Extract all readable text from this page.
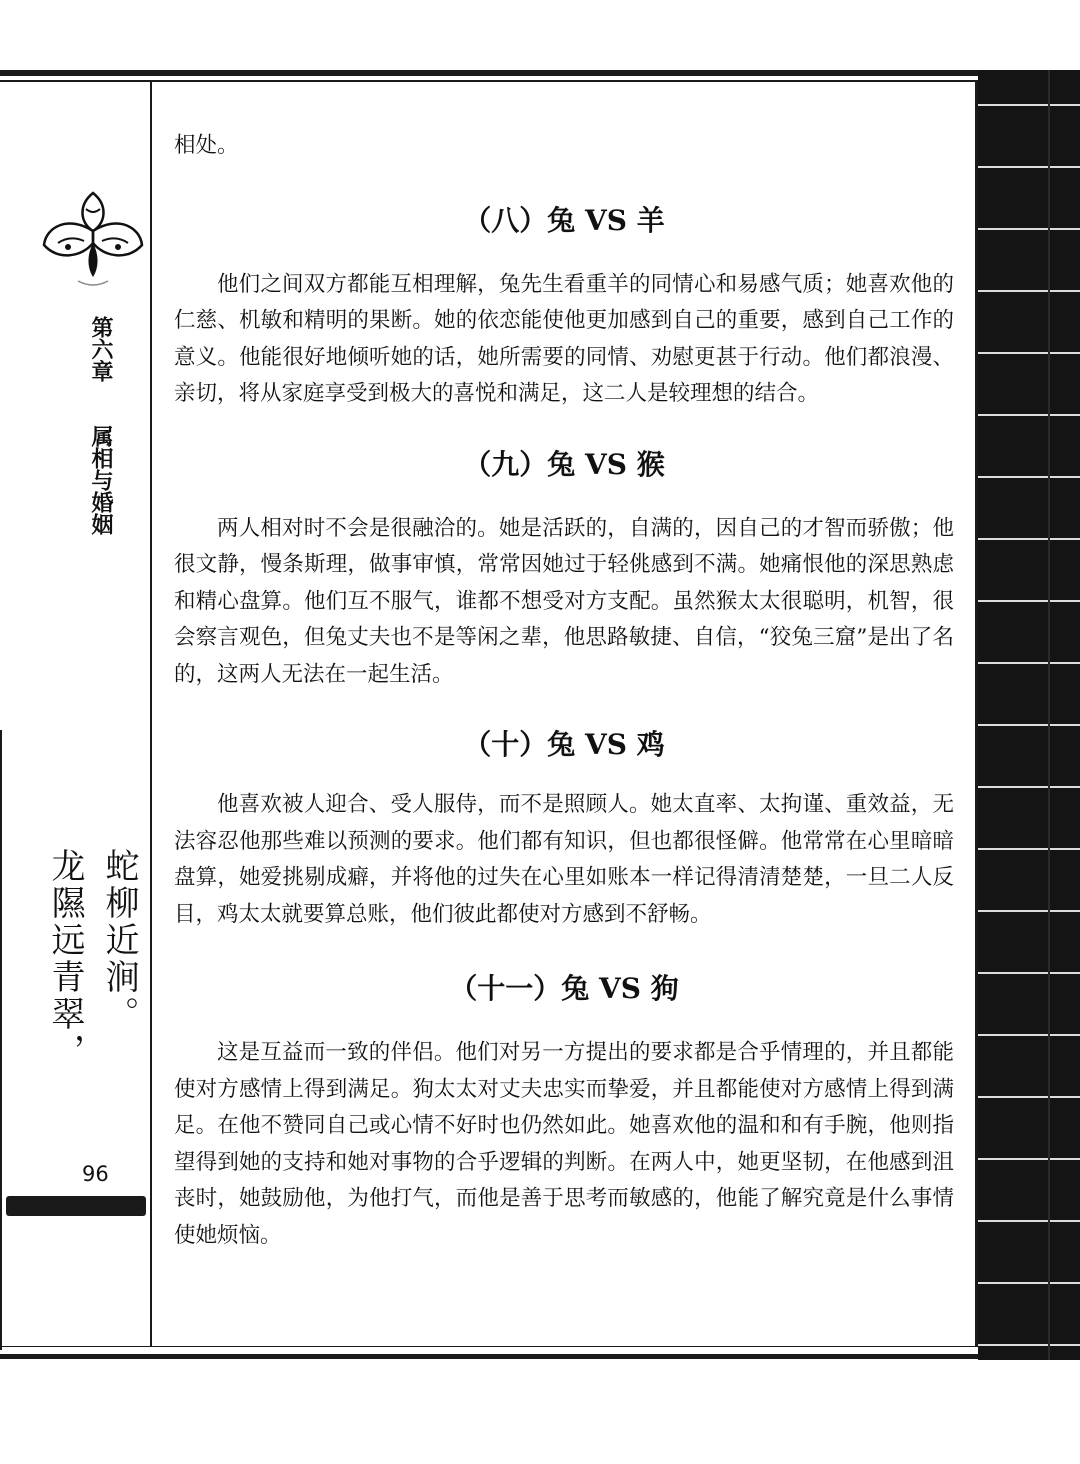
第六章  属相与婚姻
蛇柳近涧。
龙隰远青翠，
96

相处。

（八）兔 VS 羊

他们之间双方都能互相理解，兔先生看重羊的同情心和易感气质；她喜欢他的仁慈、机敏和精明的果断。她的依恋能使他更加感到自己的重要，感到自己工作的意义。他能很好地倾听她的话，她所需要的同情、劝慰更甚于行动。他们都浪漫、亲切，将从家庭享受到极大的喜悦和满足，这二人是较理想的结合。

（九）兔 VS 猴

两人相对时不会是很融洽的。她是活跃的，自满的，因自己的才智而骄傲；他很文静，慢条斯理，做事审慎，常常因她过于轻佻感到不满。她痛恨他的深思熟虑和精心盘算。他们互不服气，谁都不想受对方支配。虽然猴太太很聪明，机智，很会察言观色，但兔丈夫也不是等闲之辈，他思路敏捷、自信，“狡兔三窟”是出了名的，这两人无法在一起生活。

（十）兔 VS 鸡

他喜欢被人迎合、受人服侍，而不是照顾人。她太直率、太拘谨、重效益，无法容忍他那些难以预测的要求。他们都有知识，但也都很怪僻。他常常在心里暗暗盘算，她爱挑剔成癖，并将他的过失在心里如账本一样记得清清楚楚，一旦二人反目，鸡太太就要算总账，他们彼此都使对方感到不舒畅。

（十一）兔 VS 狗

这是互益而一致的伴侣。他们对另一方提出的要求都是合乎情理的，并且都能使对方感情上得到满足。狗太太对丈夫忠实而挚爱，并且都能使对方感情上得到满足。在他不赞同自己或心情不好时也仍然如此。她喜欢他的温和和有手腕，他则指望得到她的支持和她对事物的合乎逻辑的判断。在两人中，她更坚韧，在他感到沮丧时，她鼓励他，为他打气，而他是善于思考而敏感的，他能了解究竟是什么事情使她烦恼。
